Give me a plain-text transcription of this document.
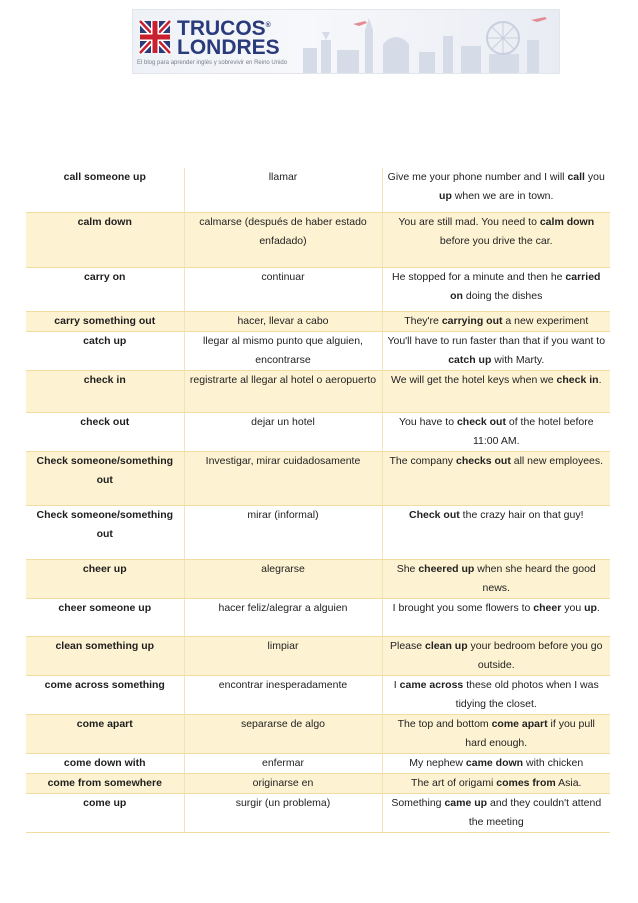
TRUCOS®
LONDRES
El blog para aprender inglés y sobrevivir en Reino Unido
call someone up	llamar	Give me your phone number and I will call you up when we are in town.
calm down	calmarse (después de haber estado enfadado)	You are still mad. You need to calm down before you drive the car.
carry on	continuar	He stopped for a minute and then he carried on doing the dishes
carry something out	hacer, llevar a cabo	They're carrying out a new experiment
catch up	llegar al mismo punto que alguien, encontrarse	You'll have to run faster than that if you want to catch up with Marty.
check in	registrarte al llegar al hotel o aeropuerto	We will get the hotel keys when we check in.
check out	dejar un hotel	You have to check out of the hotel before 11:00 AM.
Check someone/something out	Investigar, mirar cuidadosamente	The company checks out all new employees.
Check someone/something out	mirar (informal)	Check out the crazy hair on that guy!
cheer up	alegrarse	She cheered up when she heard the good news.
cheer someone up	hacer feliz/alegrar a alguien	I brought you some flowers to cheer you up.
clean something up	limpiar	Please clean up your bedroom before you go outside.
come across something	encontrar inesperadamente	I came across these old photos when I was tidying the closet.
come apart	separarse de algo	The top and bottom come apart if you pull hard enough.
come down with	enfermar	My nephew came down with chicken
come from somewhere	originarse en	The art of origami comes from Asia.
come up	surgir (un problema)	Something came up and they couldn't attend the meeting
